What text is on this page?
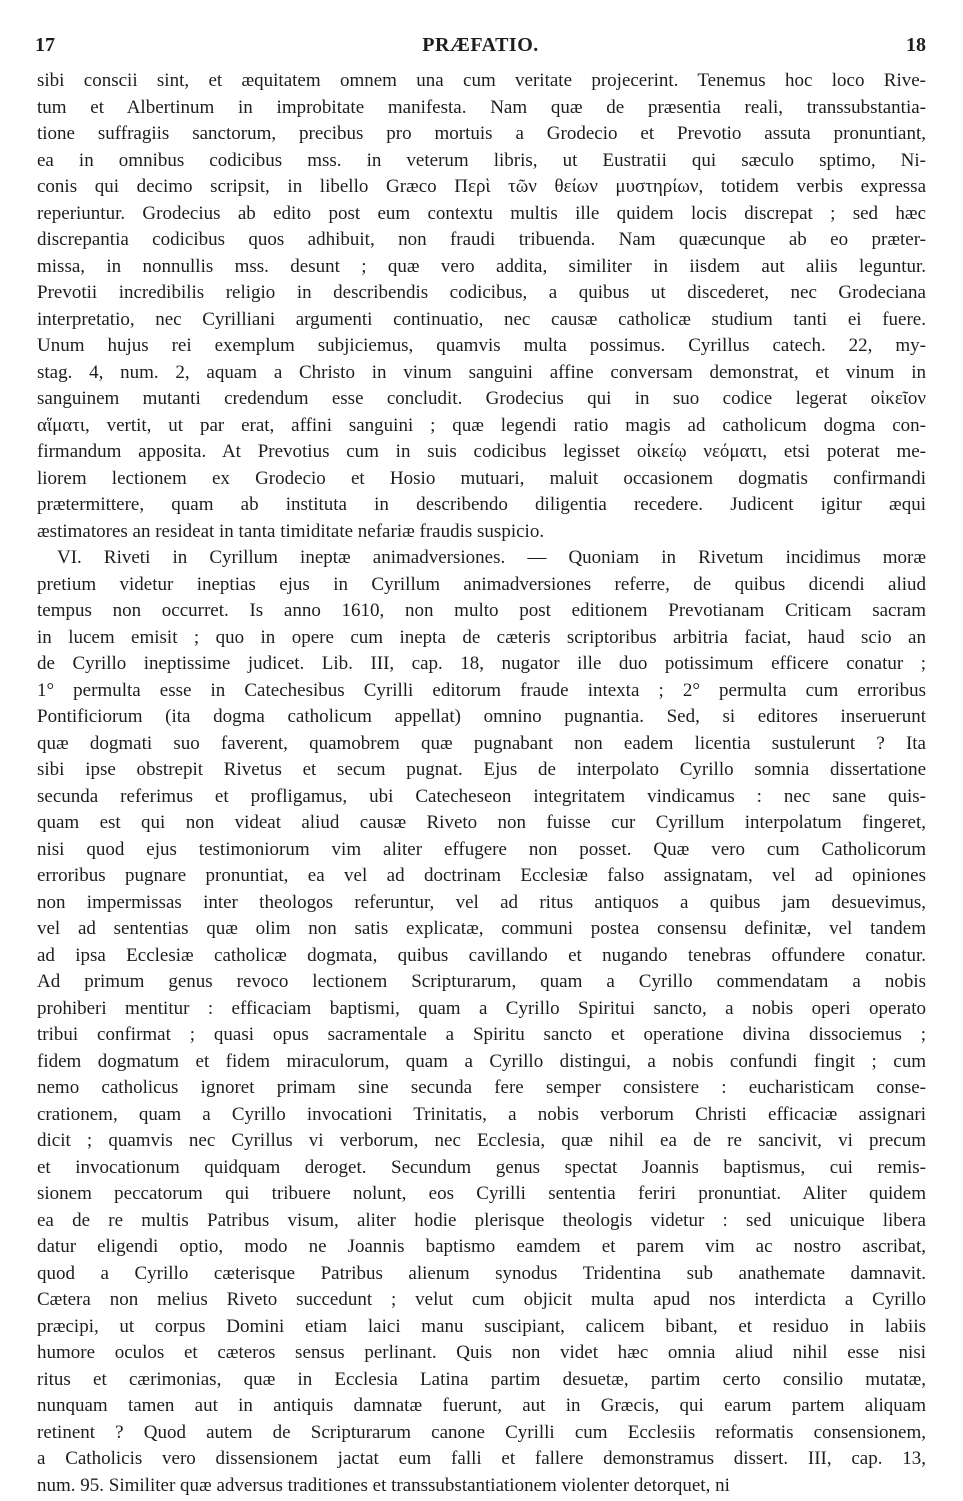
17	PRÆFATIO.	18
sibi conscii sint, et æquitatem omnem una cum veritate projecerint. Tenemus hoc loco Rive-
tum et Albertinum in improbitate manifesta. Nam quæ de præsentia reali, transsubstantia-
tione suffragiis sanctorum, precibus pro mortuis a Grodecio et Prevotio assuta pronuntiant,
ea in omnibus codicibus mss. in veterum libris, ut Eustratii qui sæculo sptimo, Ni-
conis qui decimo scripsit, in libello Græco Περὶ τῶν θείων μυστηρίων, totidem verbis expressa
reperiuntur. Grodecius ab edito post eum contextu multis ille quidem locis discrepat ; sed hæc
discrepantia codicibus quos adhibuit, non fraudi tribuenda. Nam quæcunque ab eo præter-
missa, in nonnullis mss. desunt ; quæ vero addita, similiter in iisdem aut aliis leguntur.
Prevotii incredibilis religio in describendis codicibus, a quibus ut discederet, nec Grodeciana
interpretatio, nec Cyrilliani argumenti continuatio, nec causæ catholicæ studium tanti ei fuere.
Unum hujus rei exemplum subjiciemus, quamvis multa possimus. Cyrillus catech. 22, my-
stag. 4, num. 2, aquam a Christo in vinum sanguini affine conversam demonstrat, et vinum in
sanguinem mutanti credendum esse concludit. Grodecius qui in suo codice legerat οἰκεῖον
αἵματι, vertit, ut par erat, affini sanguini ; quæ legendi ratio magis ad catholicum dogma con-
firmandum apposita. At Prevotius cum in suis codicibus legisset οἰκείῳ νεόματι, etsi poterat me-
liorem lectionem ex Grodecio et Hosio mutuari, maluit occasionem dogmatis confirmandi
prætermittere, quam ab instituta in describendo diligentia recedere. Judicent igitur æqui
æstimatores an resideat in tanta timiditate nefariæ fraudis suspicio.
VI. Riveti in Cyrillum ineptæ animadversiones. — Quoniam in Rivetum incidimus moræ
pretium videtur ineptias ejus in Cyrillum animadversiones referre, de quibus dicendi aliud
tempus non occurret. Is anno 1610, non multo post editionem Prevotianam Criticam sacram
in lucem emisit ; quo in opere cum inepta de cæteris scriptoribus arbitria faciat, haud scio an
de Cyrillo ineptissime judicet. Lib. III, cap. 18, nugator ille duo potissimum efficere conatur ;
1° permulta esse in Catechesibus Cyrilli editorum fraude intexta ; 2° permulta cum erroribus
Pontificiorum (ita dogma catholicum appellat) omnino pugnantia. Sed, si editores inseruerunt
quæ dogmati suo faverent, quamobrem quæ pugnabant non eadem licentia sustulerunt ? Ita
sibi ipse obstrepit Rivetus et secum pugnat. Ejus de interpolato Cyrillo somnia dissertatione
secunda referimus et profligamus, ubi Catecheseon integritatem vindicamus : nec sane quis-
quam est qui non videat aliud causæ Riveto non fuisse cur Cyrillum interpolatum fingeret,
nisi quod ejus testimoniorum vim aliter effugere non posset. Quæ vero cum Catholicorum
erroribus pugnare pronuntiat, ea vel ad doctrinam Ecclesiæ falso assignatam, vel ad opiniones
non impermissas inter theologos referuntur, vel ad ritus antiquos a quibus jam desuevimus,
vel ad sententias quæ olim non satis explicatæ, communi postea consensu definitæ, vel tandem
ad ipsa Ecclesiæ catholicæ dogmata, quibus cavillando et nugando tenebras offundere conatur.
Ad primum genus revoco lectionem Scripturarum, quam a Cyrillo commendatam a nobis
prohiberi mentitur : efficaciam baptismi, quam a Cyrillo Spiritui sancto, a nobis operi operato
tribui confirmat ; quasi opus sacramentale a Spiritu sancto et operatione divina dissociemus ;
fidem dogmatum et fidem miraculorum, quam a Cyrillo distingui, a nobis confundi fingit ; cum
nemo catholicus ignoret primam sine secunda fere semper consistere : eucharisticam conse-
crationem, quam a Cyrillo invocationi Trinitatis, a nobis verborum Christi efficaciæ assignari
dicit ; quamvis nec Cyrillus vi verborum, nec Ecclesia, quæ nihil ea de re sancivit, vi precum
et invocationum quidquam deroget. Secundum genus spectat Joannis baptismus, cui remis-
sionem peccatorum qui tribuere nolunt, eos Cyrilli sententia feriri pronuntiat. Aliter quidem
ea de re multis Patribus visum, aliter hodie plerisque theologis videtur : sed unicuique libera
datur eligendi optio, modo ne Joannis baptismo eamdem et parem vim ac nostro ascribat,
quod a Cyrillo cæterisque Patribus alienum synodus Tridentina sub anathemate damnavit.
Cætera non melius Riveto succedunt ; velut cum objicit multa apud nos interdicta a Cyrillo
præcipi, ut corpus Domini etiam laici manu suscipiant, calicem bibant, et residuo in labiis
humore oculos et cæteros sensus perlinant. Quis non videt hæc omnia aliud nihil esse nisi
ritus et cærimonias, quæ in Ecclesia Latina partim desuetæ, partim certo consilio mutatæ,
nunquam tamen aut in antiquis damnatæ fuerunt, aut in Græcis, qui earum partem aliquam
retinent ? Quod autem de Scripturarum canone Cyrilli cum Ecclesiis reformatis consensionem,
a Catholicis vero dissensionem jactat eum falli et fallere demonstramus dissert. III, cap. 13,
num. 95. Similiter quæ adversus traditiones et transsubstantiationem violenter detorquet, ni
